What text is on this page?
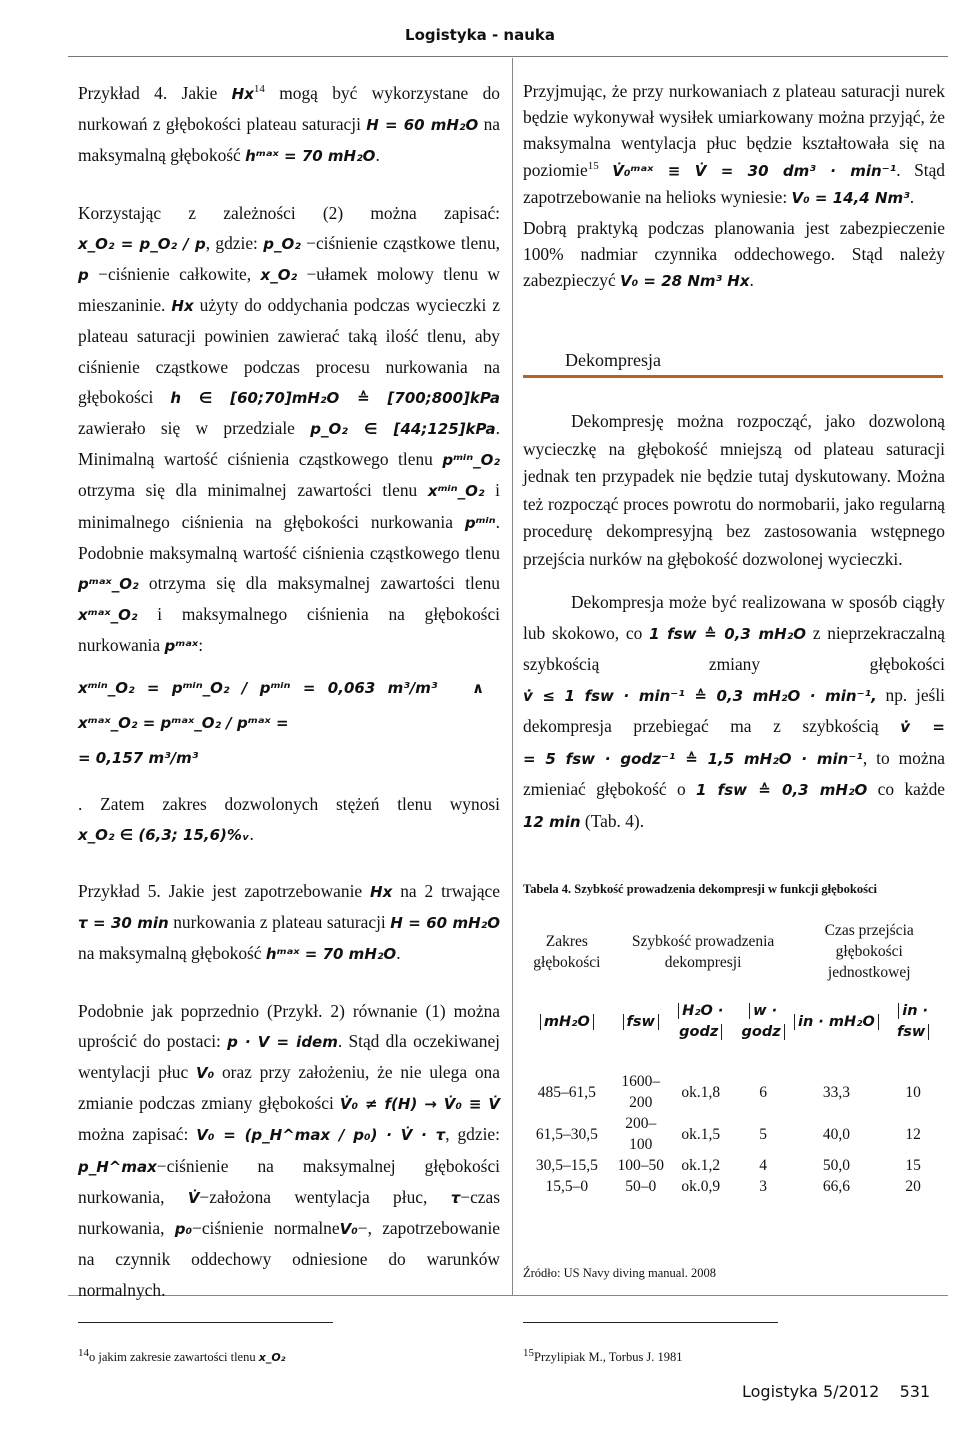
Logistyka - nauka

Przykład 4. Jakie Hx$^{14}$ mogą być wykorzystane do nurkowań z głębokości plateau saturacji H = 60 mH₂O na maksymalną głębokość hᵐᵃˣ = 70 mH₂O.

Korzystając z zależności (2) można zapisać: x_O₂ = p_O₂ / p, gdzie: p_O₂ −ciśnienie cząstkowe tlenu, p −ciśnienie całkowite, x_O₂ −ułamek molowy tlenu w mieszaninie. Hx użyty do oddychania podczas wycieczki z plateau saturacji powinien zawierać taką ilość tlenu, aby ciśnienie cząstkowe podczas procesu nurkowania na głębokości h ∈ [60;70]mH₂O ≙ [700;800]kPa zawierało się w przedziale p_O₂ ∈ [44;125]kPa. Minimalną wartość ciśnienia cząstkowego tlenu pᵐⁱⁿ_O₂ otrzyma się dla minimalnej zawartości tlenu xᵐⁱⁿ_O₂ i minimalnego ciśnienia na głębokości nurkowania pᵐⁱⁿ. Podobnie maksymalną wartość ciśnienia cząstkowego tlenu pᵐᵃˣ_O₂ otrzyma się dla maksymalnej zawartości tlenu xᵐᵃˣ_O₂ i maksymalnego ciśnienia na głębokości nurkowania pᵐᵃˣ:

xᵐⁱⁿ_O₂ = pᵐⁱⁿ_O₂ / pᵐⁱⁿ = 0,063 m³/m³ ∧   xᵐᵃˣ_O₂ = pᵐᵃˣ_O₂ / pᵐᵃˣ =
= 0,157 m³/m³

. Zatem zakres dozwolonych stężeń tlenu wynosi x_O₂ ∈ (6,3; 15,6)%ᵥ.

Przykład 5. Jakie jest zapotrzebowanie Hx na 2 trwające τ = 30 min nurkowania z plateau saturacji H = 60 mH₂O na maksymalną głębokość hᵐᵃˣ = 70 mH₂O.

Podobnie jak poprzednio (Przykł. 2) równanie (1) można uprościć do postaci: p · V = idem. Stąd dla oczekiwanej wentylacji płuc V₀ oraz przy założeniu, że nie ulega ona zmianie podczas zmiany głębokości V̇₀ ≠ f(H) → V̇₀ ≡ V̇ można zapisać: V₀ = (p_H^max / p₀) · V̇ · τ, gdzie: p_H^max−ciśnienie na maksymalnej głębokości nurkowania, V̇−założona wentylacja płuc, τ−czas nurkowania, p₀−ciśnienie normalneV₀−, zapotrzebowanie na czynnik oddechowy odniesione do warunków normalnych.

Przyjmując, że przy nurkowaniach z plateau saturacji nurek będzie wykonywał wysiłek umiarkowany można przyjąć, że maksymalna wentylacja płuc będzie kształtowała się na poziomie$^{15}$ V̇₀ᵐᵃˣ ≡ V̇ = 30 dm³ · min⁻¹. Stąd zapotrzebowanie na helioks wyniesie: V₀ = 14,4 Nm³.

Dobrą praktyką podczas planowania jest zabezpieczenie 100% nadmiar czynnika oddechowego. Stąd należy zabezpieczyć V₀ = 28 Nm³ Hx.

Dekompresja

Dekompresję można rozpocząć, jako dozwoloną wycieczkę na głębokość mniejszą od plateau saturacji jednak ten przypadek nie będzie tutaj dyskutowany. Można też rozpocząć proces powrotu do normobarii, jako regularną procedurę dekompresyjną bez zastosowania wstępnego przejścia nurków na głębokość dozwolonej wycieczki.

Dekompresja może być realizowana w sposób ciągły lub skokowo, co 1 fsw ≙ 0,3 mH₂O z nieprzekraczalną szybkością zmiany głębokości v̇ ≤ 1 fsw · min⁻¹ ≙ 0,3 mH₂O · min⁻¹, np. jeśli dekompresja przebiegać ma z szybkością v̇ = = 5 fsw · godz⁻¹ ≙ 1,5 mH₂O · min⁻¹, to można zmieniać głębokość o 1 fsw ≙ 0,3 mH₂O co każde 12 min (Tab. 4).

Tabela 4. Szybkość prowadzenia dekompresji w funkcji głębokości
Zakres głębokości	Szybkość prowadzenia dekompresji			Czas przejścia głębokości jednostkowej	
mH₂O	fsw	H₂O · godz	w · godz	in · mH₂O	in · fsw
485–61,5	1600–200	ok.1,8	6	33,3	10
61,5–30,5	200–100	ok.1,5	5	40,0	12
30,5–15,5	100–50	ok.1,2	4	50,0	15
15,5–0	50–0	ok.0,9	3	66,6	20
Źródło: US Navy diving manual. 2008
14o jakim zakresie zawartości tlenu x_O₂	15Przylipiak M., Torbus J. 1981
Logistyka 5/2012 531
